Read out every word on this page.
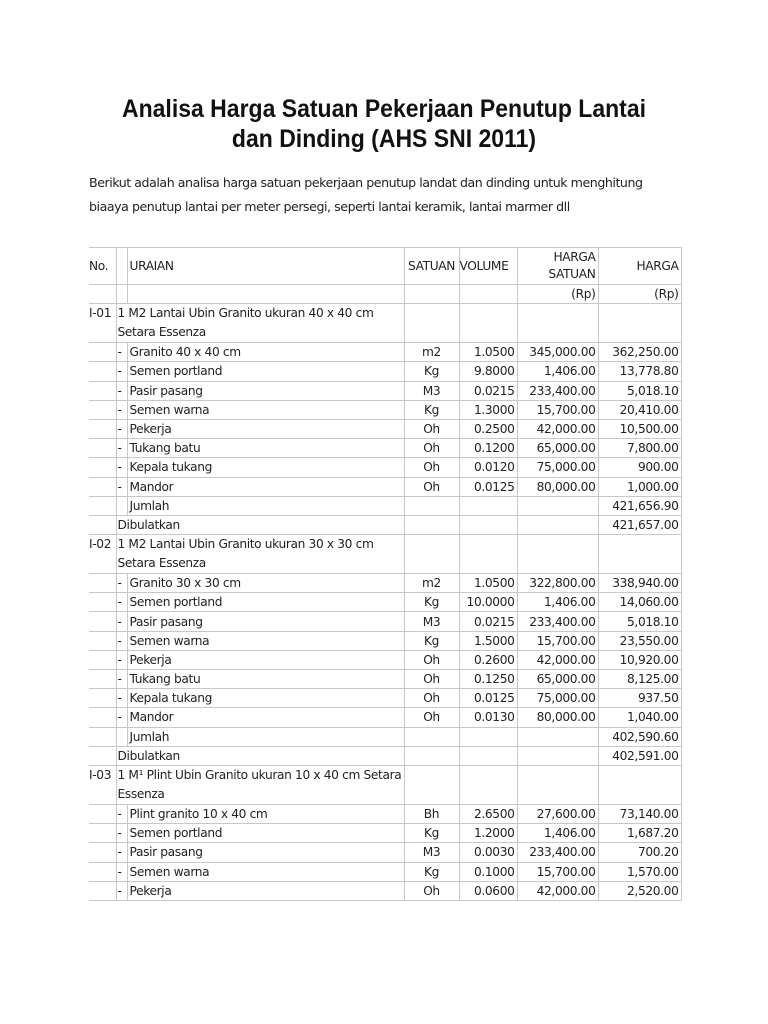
Analisa Harga Satuan Pekerjaan Penutup Lantai dan Dinding (AHS SNI 2011)

Berikut adalah analisa harga satuan pekerjaan penutup landat dan dinding untuk menghitung biaaya penutup lantai per meter persegi, seperti lantai keramik, lantai marmer dll

No.		URAIAN	SATUAN	VOLUME	HARGA SATUAN	HARGA
					(Rp)	(Rp)
I-01	1 M2 Lantai Ubin Granito ukuran 40 x 40 cm Setara Essenza					
	-	Granito 40 x 40 cm	m2	1.0500	345,000.00	362,250.00
	-	Semen portland	Kg	9.8000	1,406.00	13,778.80
	-	Pasir pasang	M3	0.0215	233,400.00	5,018.10
	-	Semen warna	Kg	1.3000	15,700.00	20,410.00
	-	Pekerja	Oh	0.2500	42,000.00	10,500.00
	-	Tukang batu	Oh	0.1200	65,000.00	7,800.00
	-	Kepala tukang	Oh	0.0120	75,000.00	900.00
	-	Mandor	Oh	0.0125	80,000.00	1,000.00
		Jumlah				421,656.90
	Dibulatkan					421,657.00
I-02	1 M2 Lantai Ubin Granito ukuran 30 x 30 cm Setara Essenza					
	-	Granito 30 x 30 cm	m2	1.0500	322,800.00	338,940.00
	-	Semen portland	Kg	10.0000	1,406.00	14,060.00
	-	Pasir pasang	M3	0.0215	233,400.00	5,018.10
	-	Semen warna	Kg	1.5000	15,700.00	23,550.00
	-	Pekerja	Oh	0.2600	42,000.00	10,920.00
	-	Tukang batu	Oh	0.1250	65,000.00	8,125.00
	-	Kepala tukang	Oh	0.0125	75,000.00	937.50
	-	Mandor	Oh	0.0130	80,000.00	1,040.00
		Jumlah				402,590.60
	Dibulatkan					402,591.00
I-03	1 M¹ Plint Ubin Granito ukuran 10 x 40 cm Setara Essenza					
	-	Plint granito 10 x 40 cm	Bh	2.6500	27,600.00	73,140.00
	-	Semen portland	Kg	1.2000	1,406.00	1,687.20
	-	Pasir pasang	M3	0.0030	233,400.00	700.20
	-	Semen warna	Kg	0.1000	15,700.00	1,570.00
	-	Pekerja	Oh	0.0600	42,000.00	2,520.00
